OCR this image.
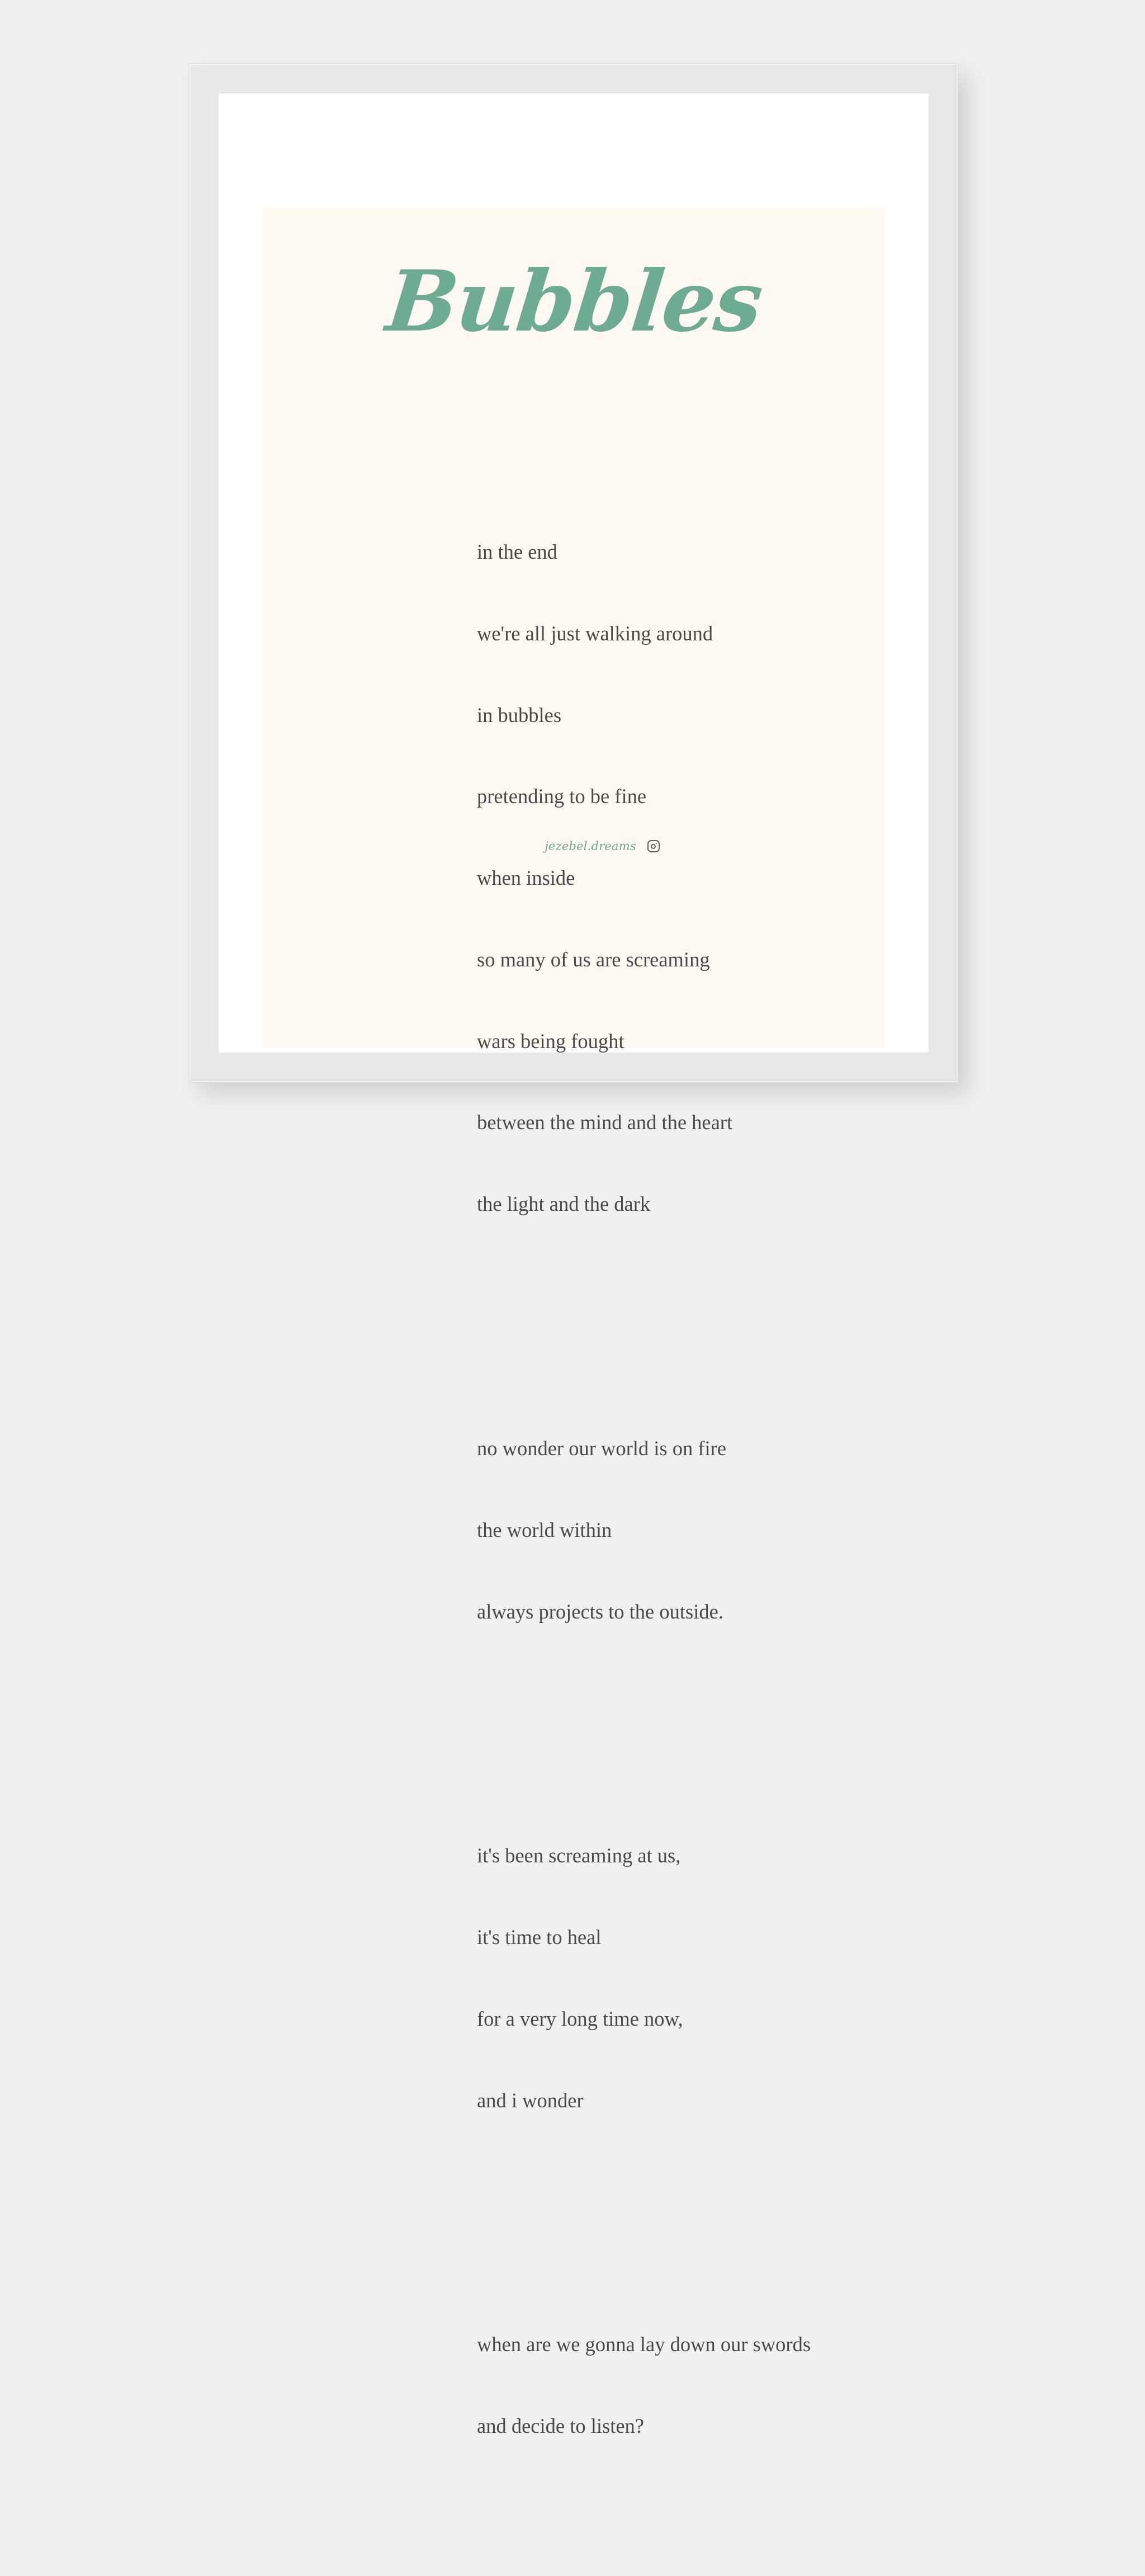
Bubbles

in the end

we're all just walking around

in bubbles

pretending to be fine

when inside

so many of us are screaming

wars being fought

between the mind and the heart

the light and the dark

no wonder our world is on fire

the world within

always projects to the outside.

it's been screaming at us,

it's time to heal

for a very long time now,

and i wonder

when are we gonna lay down our swords

and decide to listen?

jezebel.dreams
